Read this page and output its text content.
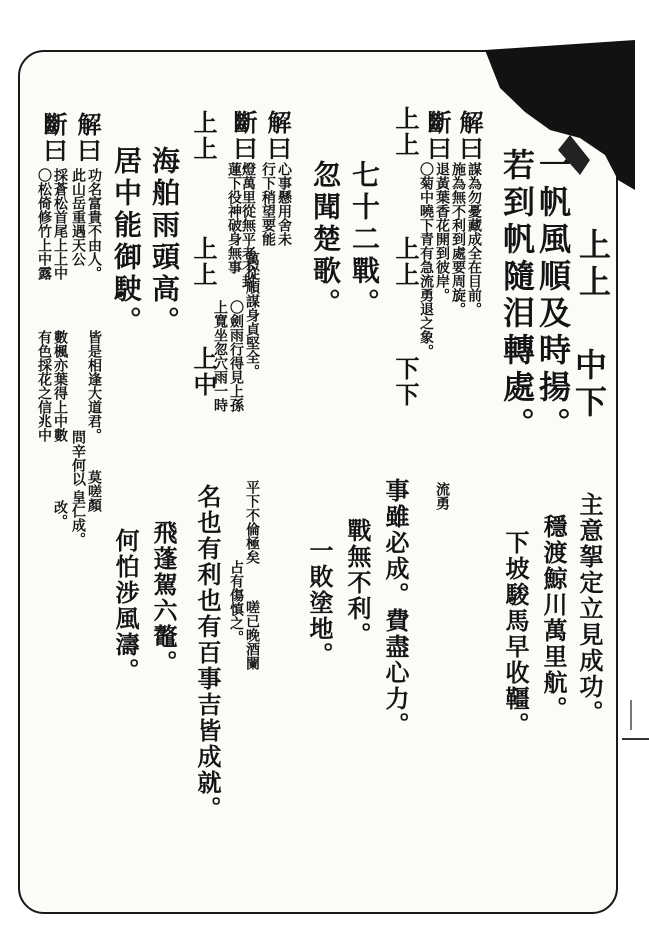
上上
中下
一帆風順及時揚。
若到帆隨泪轉處。
主意挐定立見成功。
穩渡鯨川萬里航。
下坡駿馬早收韁。
解曰
謀為勿憂藏成全在目前。
施為無不利到處要周旋。
斷曰
退黃葉香花開到彼岸。
〇菊中曉下青有急流勇退之象。
流勇
上上
上上
下下
七十二戰。
忽聞楚歌。
事雖必成。費盡心力。
戰無不利。
一敗塗地。
解曰
心事懸用舍未
行下稍望要能
萬從順謀身貞堅全。
斷曰
燈萬里從無平老不封
蓮下役神破身無事
〇劍雨行得見上孫
上寬坐忽穴雨一時
平下不倫極矣
占有傷慎之。 嗟已晚酒闌
上上
上上
上中
名也有利也有百事吉皆成就。
海舶雨頭高。
居中能御駛。
飛蓬駕六鼇。
何怕涉風濤。
解曰
功名富貴不由人。
此山岳重遇天公
皆是相逢大道君。
斷曰
採蒼松首尾上上中
〇松倚修竹上中露
數楓亦葉得上中數
有色採花之信兆中
問辛何以
莫嗟顏
皇仁成。
改。
